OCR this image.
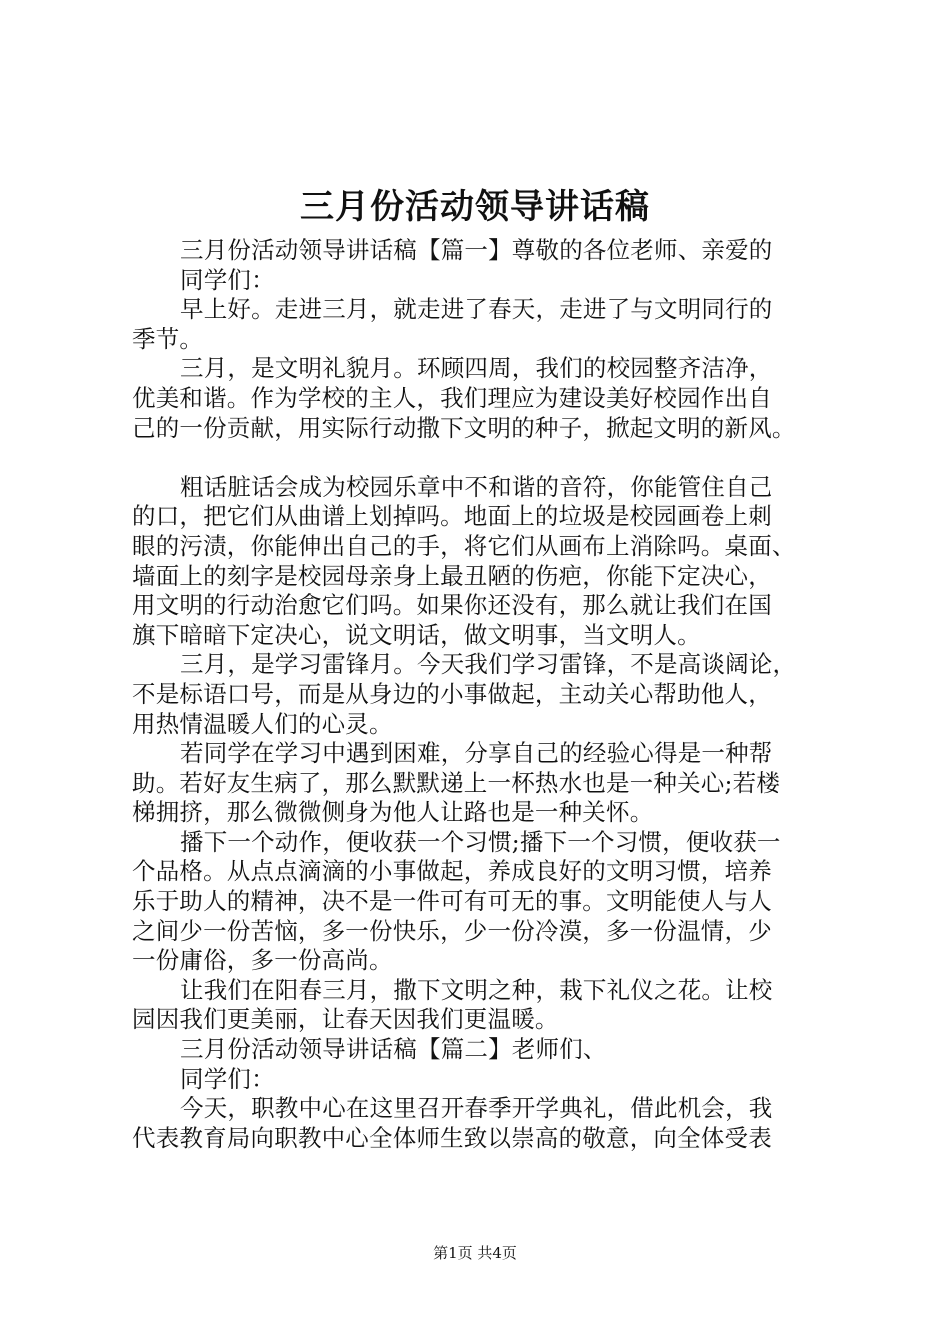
三月份活动领导讲话稿
三月份活动领导讲话稿【篇一】尊敬的各位老师、亲爱的
同学们：
早上好。走进三月，就走进了春天，走进了与文明同行的
季节。
三月，是文明礼貌月。环顾四周，我们的校园整齐洁净，
优美和谐。作为学校的主人，我们理应为建设美好校园作出自
己的一份贡献，用实际行动撒下文明的种子，掀起文明的新风。
粗话脏话会成为校园乐章中不和谐的音符，你能管住自己
的口，把它们从曲谱上划掉吗。地面上的垃圾是校园画卷上刺
眼的污渍，你能伸出自己的手，将它们从画布上消除吗。桌面、
墙面上的刻字是校园母亲身上最丑陋的伤疤，你能下定决心，
用文明的行动治愈它们吗。如果你还没有，那么就让我们在国
旗下暗暗下定决心，说文明话，做文明事，当文明人。
三月，是学习雷锋月。今天我们学习雷锋，不是高谈阔论，
不是标语口号，而是从身边的小事做起，主动关心帮助他人，
用热情温暖人们的心灵。
若同学在学习中遇到困难，分享自己的经验心得是一种帮
助。若好友生病了，那么默默递上一杯热水也是一种关心;若楼
梯拥挤，那么微微侧身为他人让路也是一种关怀。
播下一个动作，便收获一个习惯;播下一个习惯，便收获一
个品格。从点点滴滴的小事做起，养成良好的文明习惯，培养
乐于助人的精神，决不是一件可有可无的事。文明能使人与人
之间少一份苦恼，多一份快乐，少一份冷漠，多一份温情，少
一份庸俗，多一份高尚。
让我们在阳春三月，撒下文明之种，栽下礼仪之花。让校
园因我们更美丽，让春天因我们更温暖。
三月份活动领导讲话稿【篇二】老师们、
同学们：
今天，职教中心在这里召开春季开学典礼，借此机会，我
代表教育局向职教中心全体师生致以崇高的敬意，向全体受表
第1页 共4页
